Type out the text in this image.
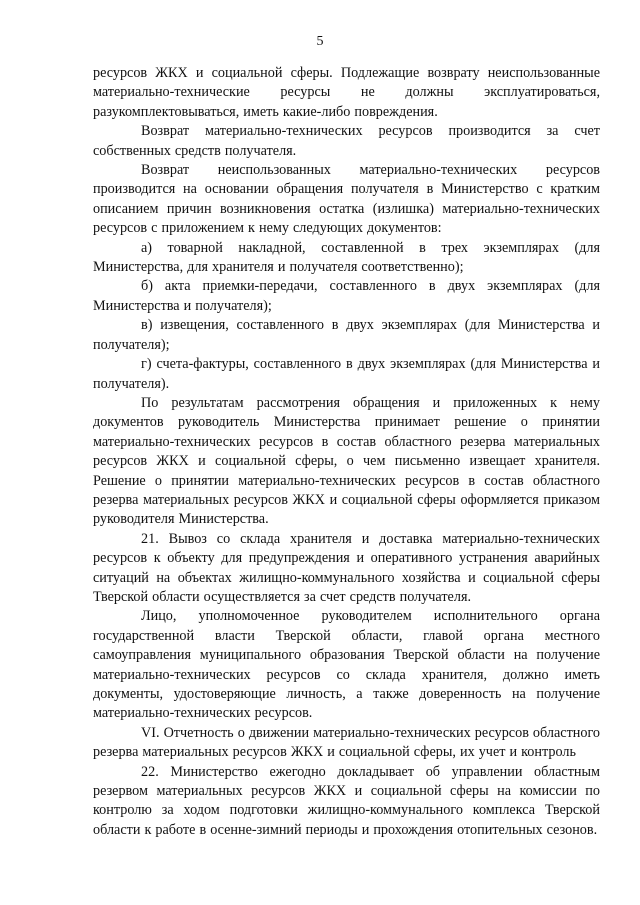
5

ресурсов ЖКХ и социальной сферы. Подлежащие возврату неиспользованные материально-технические ресурсы не должны эксплуатироваться, разукомплектовываться, иметь какие-либо повреждения.

Возврат материально-технических ресурсов производится за счет собственных средств получателя.

Возврат неиспользованных материально-технических ресурсов производится на основании обращения получателя в Министерство с кратким описанием причин возникновения остатка (излишка) материально-технических ресурсов с приложением к нему следующих документов:

а) товарной накладной, составленной в трех экземплярах (для Министерства, для хранителя и получателя соответственно);

б) акта приемки-передачи, составленного в двух экземплярах (для Министерства и получателя);

в) извещения, составленного в двух экземплярах (для Министерства и получателя);

г) счета-фактуры, составленного в двух экземплярах (для Министерства и получателя).

По результатам рассмотрения обращения и приложенных к нему документов руководитель Министерства принимает решение о принятии материально-технических ресурсов в состав областного резерва материальных ресурсов ЖКХ и социальной сферы, о чем письменно извещает хранителя. Решение о принятии материально-технических ресурсов в состав областного резерва материальных ресурсов ЖКХ и социальной сферы оформляется приказом руководителя Министерства.

21. Вывоз со склада хранителя и доставка материально-технических ресурсов к объекту для предупреждения и оперативного устранения аварийных ситуаций на объектах жилищно-коммунального хозяйства и социальной сферы Тверской области осуществляется за счет средств получателя.

Лицо, уполномоченное руководителем исполнительного органа государственной власти Тверской области, главой органа местного самоуправления муниципального образования Тверской области на получение материально-технических ресурсов со склада хранителя, должно иметь документы, удостоверяющие личность, а также доверенность на получение материально-технических ресурсов.

VI. Отчетность о движении материально-технических ресурсов областного резерва материальных ресурсов ЖКХ и социальной сферы, их учет и контроль

22. Министерство ежегодно докладывает об управлении областным резервом материальных ресурсов ЖКХ и социальной сферы на комиссии по контролю за ходом подготовки жилищно-коммунального комплекса Тверской области к работе в осенне-зимний периоды и прохождения отопительных сезонов.
